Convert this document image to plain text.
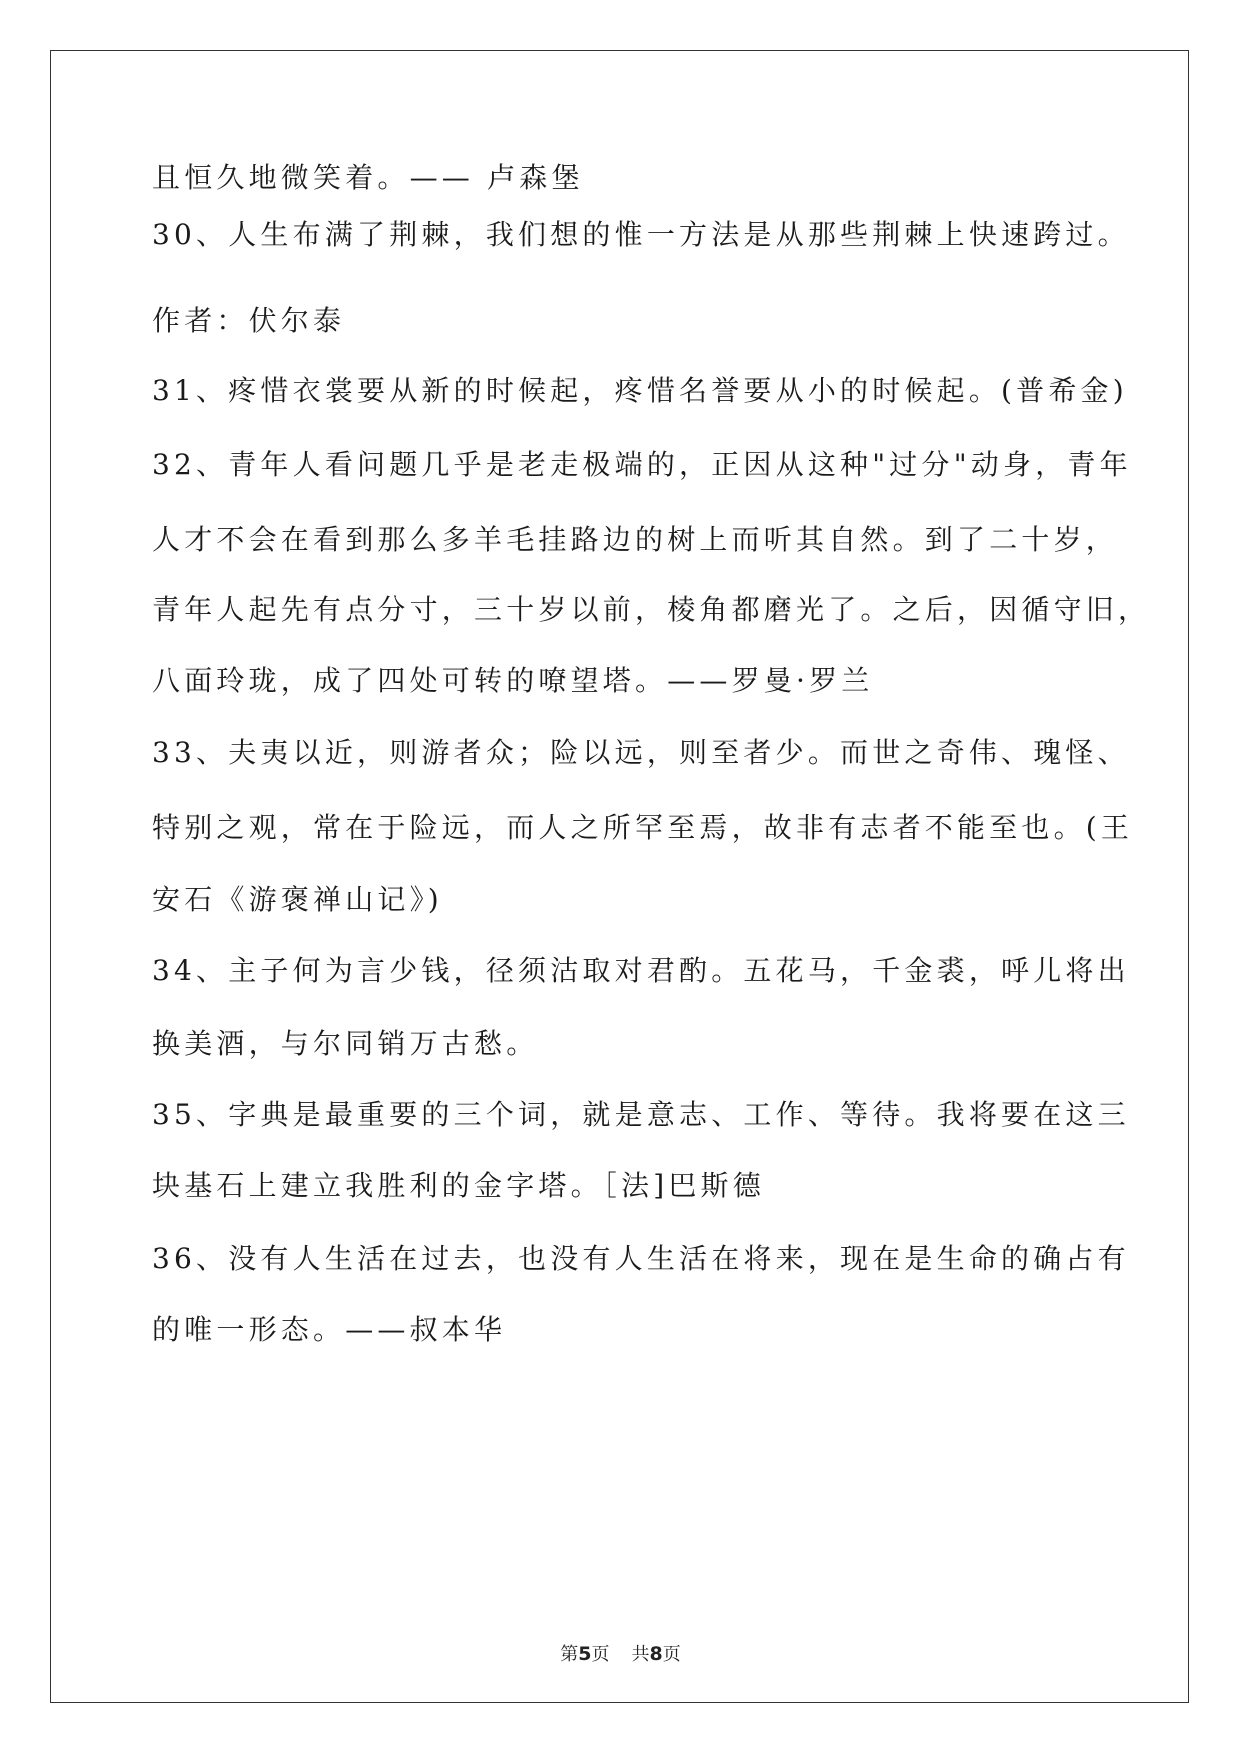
且恒久地微笑着。—— 卢森堡
30、人生布满了荆棘，我们想的惟一方法是从那些荆棘上快速跨过。
作者：伏尔泰
31、疼惜衣裳要从新的时候起，疼惜名誉要从小的时候起。(普希金)
32、青年人看问题几乎是老走极端的，正因从这种"过分"动身，青年
人才不会在看到那么多羊毛挂路边的树上而听其自然。到了二十岁，
青年人起先有点分寸，三十岁以前，棱角都磨光了。之后，因循守旧，
八面玲珑，成了四处可转的嘹望塔。——罗曼·罗兰
33、夫夷以近，则游者众；险以远，则至者少。而世之奇伟、瑰怪、
特别之观，常在于险远，而人之所罕至焉，故非有志者不能至也。(王
安石《游褒禅山记》)
34、主子何为言少钱，径须沽取对君酌。五花马，千金裘，呼儿将出
换美酒，与尔同销万古愁。
35、字典是最重要的三个词，就是意志、工作、等待。我将要在这三
块基石上建立我胜利的金字塔。［法]巴斯德
36、没有人生活在过去，也没有人生活在将来，现在是生命的确占有
的唯一形态。——叔本华
第5页 共8页
